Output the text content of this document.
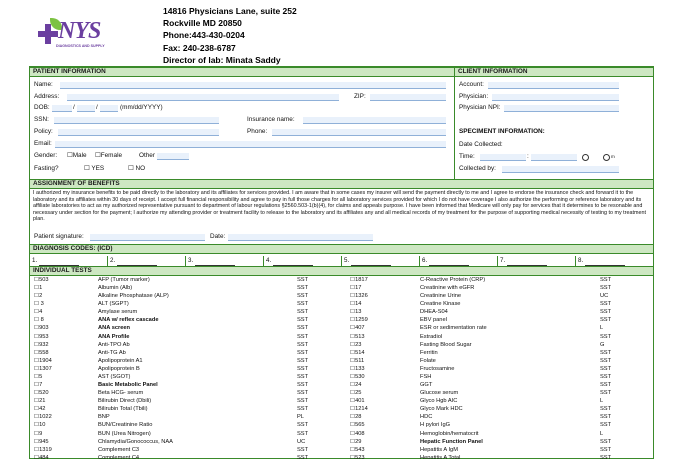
NYS
DIAGNOSTICS AND SUPPLY
14816 Physicians Lane, suite 252
Rockville MD 20850
Phone:443-430-0204
Fax: 240-238-6787
Director of lab: Minata Saddy
PATIENT INFORMATION	CLIENT INFORMATION
Name:
Address:	ZIP:
DOB:	/	/	(mm/dd/YYYY)
SSN:	Insurance name:
Policy:	Phone:
Email:
Gender: ☐Male ☐Female	Other
Fasting?	☐ YES	☐ NO
Account:
Physician:
Physician NPI:
SPECIMENT INFORMATION:
Date Collected:
Time:	:	m
Collected by:
ASSIGNMENT OF BENEFITS
I authorized my insurance benefits to be paid directly to the laboratory and its affiliates for services provided. I am aware that in some cases my insurer will send the payment directly to me and I agree to endorse the insurance check and forward it to the laboratory and its affiliates within 30 days of receipt. I accept full financial responsibility and agree to pay in full those charges for all laboratory services provided for which I do not have coverage I also authorize the performing or reference laboratory and its affiliate laboratories to act as my authorized representative pursuant to department of labour regulations §2560.503-1(b)(4), for claims and appeals purpose. I have been informed that Medicare will only pay for services that it determines to be resonable and necessary under section for the payment; I authorize my attending provider or treatment facility to release to the laboratory and its affiliates any and all medical records of my treatment for the purpose of supporting medical necessity of testing to my treatment plan.
Patient signature:	Date:
DIAGNOSIS CODES: (ICD)
1.	2.	3.	4.	5.	6.	7.	8.
INDIVIDUAL TESTS
☐503	AFP (Tumor marker)	SST	☐1817	C-Reactive Protein (CRP)	SST
☐1	Albumin (Alb)	SST	☐17	Creatinine with eGFR	SST
☐2	Alkaline Phosphatase (ALP)	SST	☐1326	Creatinine Urine	UC
☐ 3	ALT (SGPT)	SST	☐14	Creatine Kinase	SST
☐4	Amylase serum	SST	☐13	DHEA-S04	SST
☐ 8	ANA w/ reflex cascade	SST	☐1259	EBV panel	SST
☐903	ANA screen	SST	☐407	ESR or sedimentation rate	L
☐953	ANA Profile	SST	☐513	Estradiol	SST
☐932	Anti-TPO Ab	SST	☐23	Fasting Blood Sugar	G
☐558	Anti-TG Ab	SST	☐514	Ferritin	SST
☐1904	Apolipoprotein A1	SST	☐511	Folate	SST
☐1307	Apolipoprotein B	SST	☐133	Fructosamine	SST
☐5	AST (SGOT)	SST	☐530	FSH	SST
☐7	Basic Metabolic Panel	SST	☐24	GGT	SST
☐520	Beta HCG- serum	SST	☐25	Glucose serum	SST
☐21	Bilirubin Direct (Dbili)	SST	☐401	Glyco Hgb AIC	L
☐42	Bilirubin Total (Tbili)	SST	☐1214	Glyco Mark HDC	SST
☐1022	BNP	PL	☐28	HDC	SST
☐10	BUN/Creatinine Ratio	SST	☐565	H pylori IgG	SST
☐9	BUN (Urea Nitrogen)	SST	☐408	Hemoglobin/hematocrit	L
☐945	Chlamydia/Gonococcus, NAA	UC	☐29	Hepatic Function Panel	SST
☐1319	Complement C3	SST	☐543	Hepatitis A IgM	SST
☐484	Complement C4	SST	☐523	Hepatitis A Total	SST
